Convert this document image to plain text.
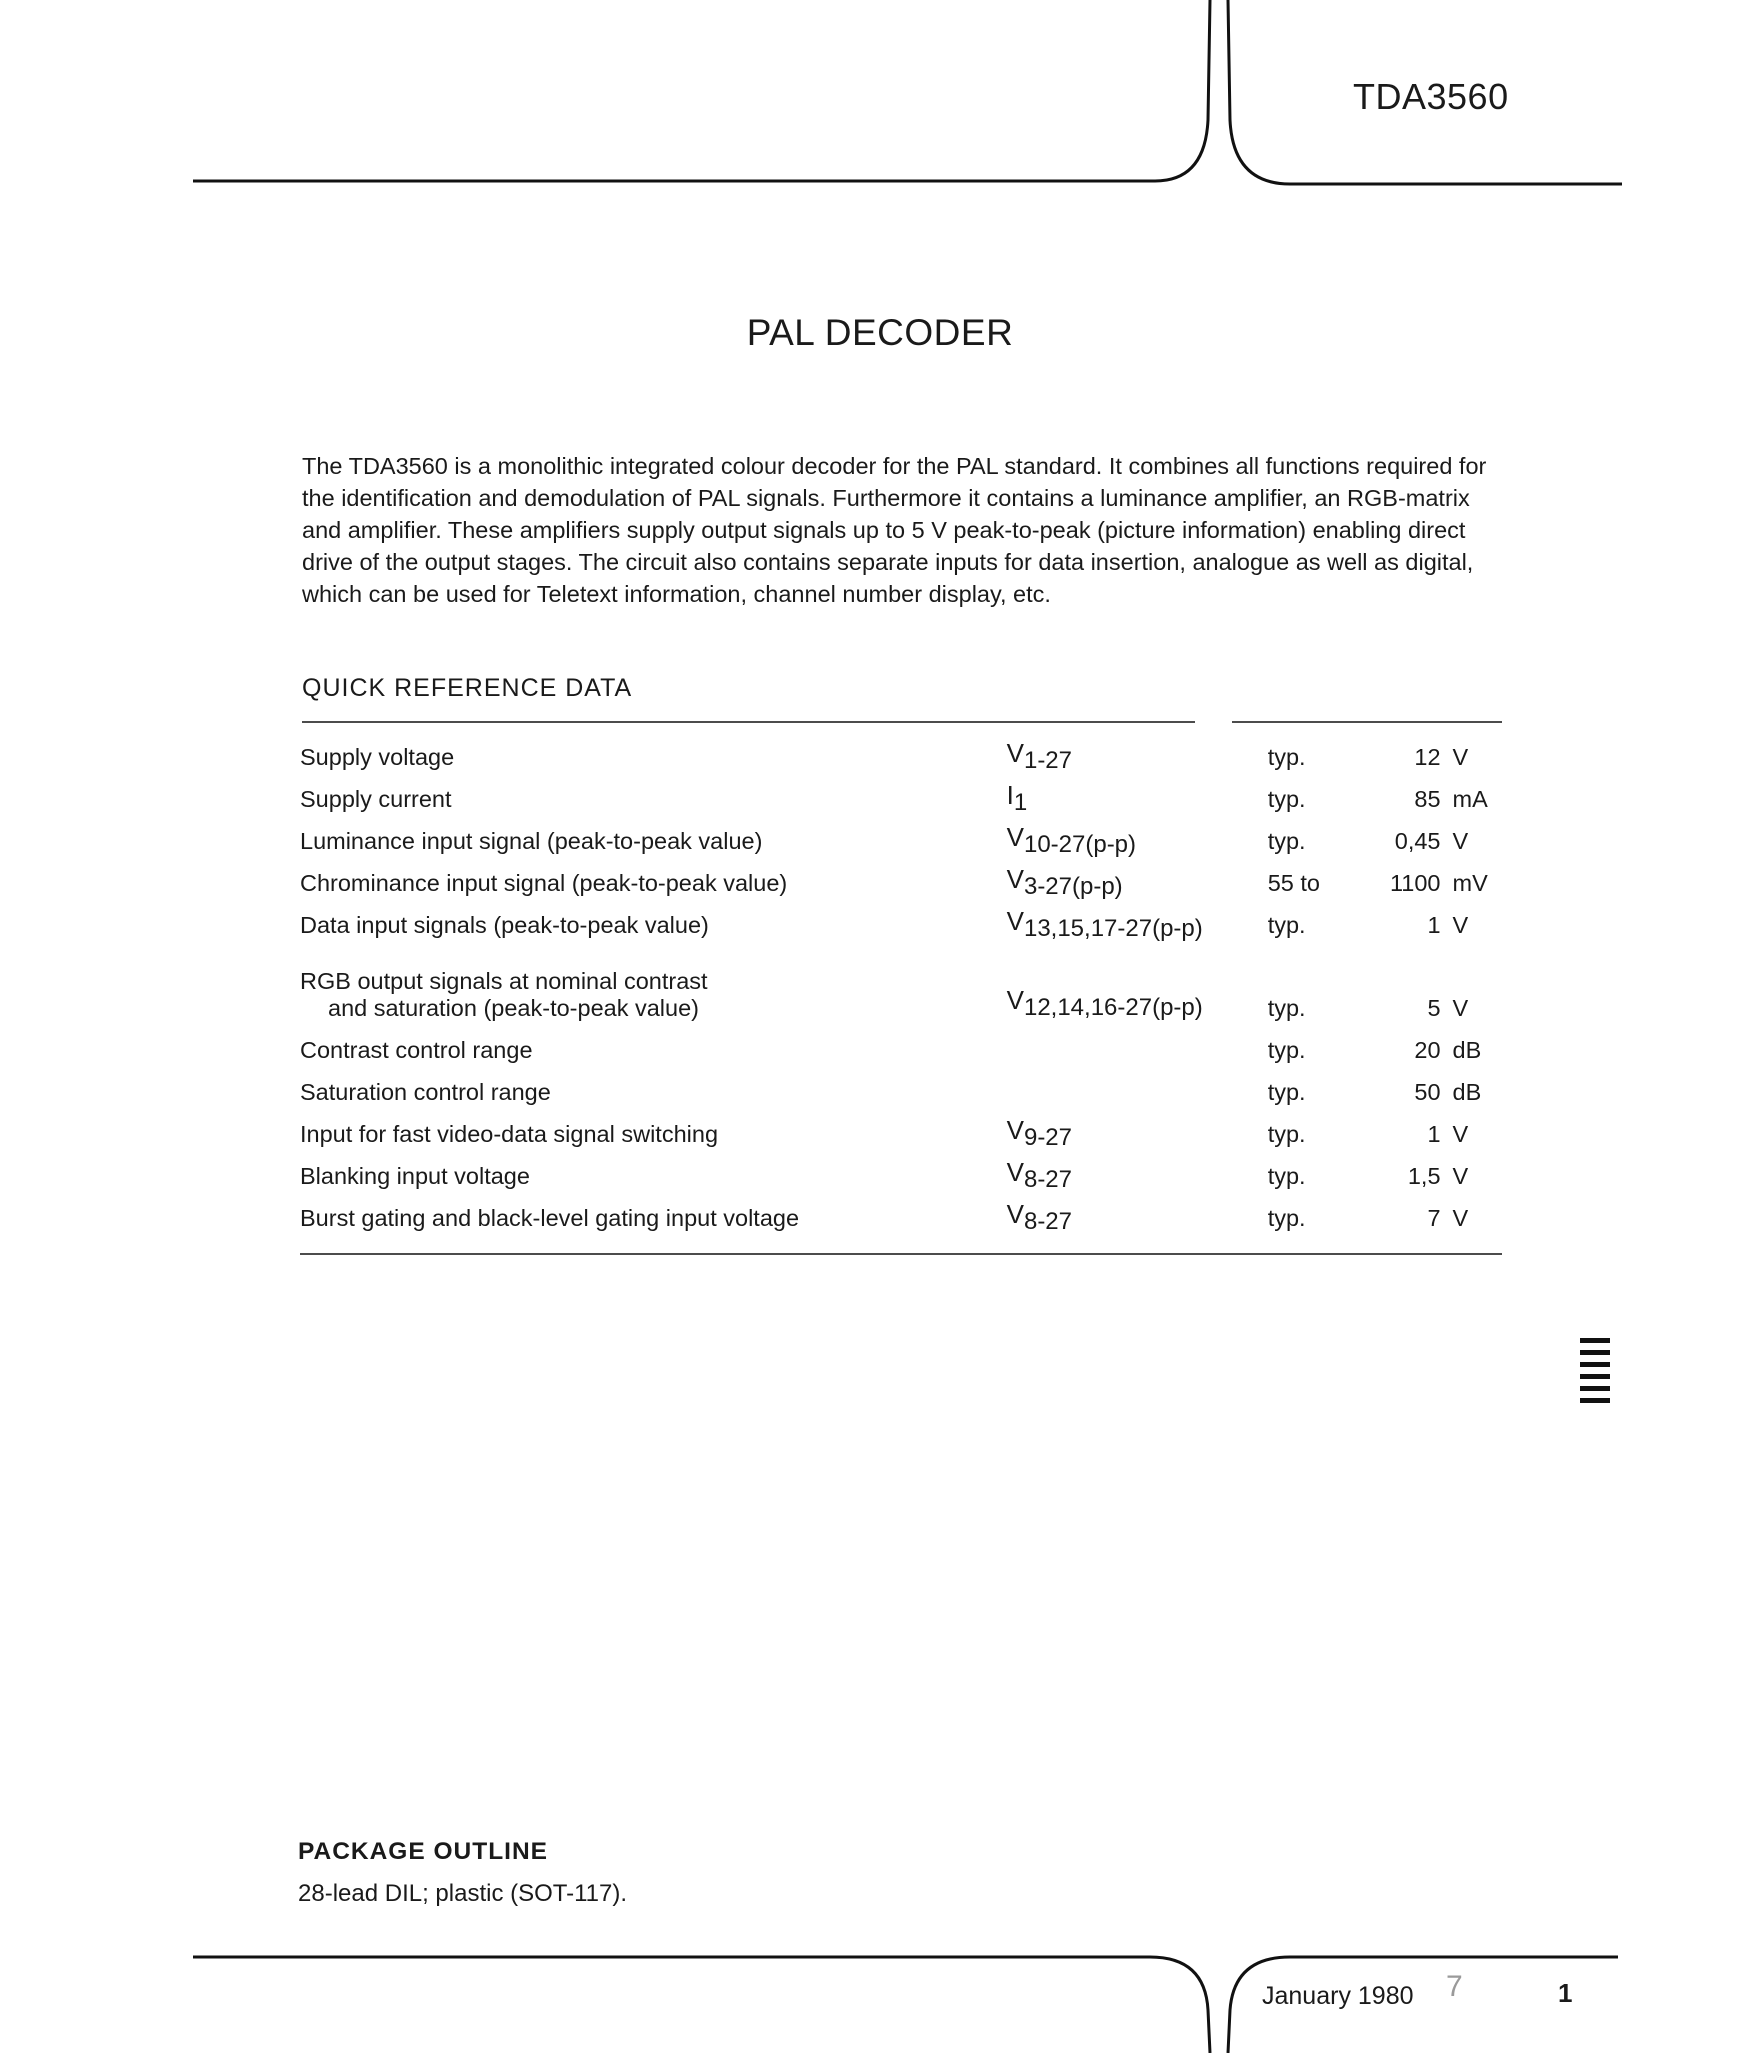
TDA3560
PAL DECODER

The TDA3560 is a monolithic integrated colour decoder for the PAL standard. It combines all functions required for the identification and demodulation of PAL signals. Furthermore it contains a luminance amplifier, an RGB-matrix and amplifier. These amplifiers supply output signals up to 5 V peak-to-peak (picture information) enabling direct drive of the output stages. The circuit also contains separate inputs for data insertion, analogue as well as digital, which can be used for Teletext information, channel number display, etc.

QUICK REFERENCE DATA
Supply voltage	$V_{1-27}$	typ.	12	V
Supply current	$I_1$	typ.	85	mA
Luminance input signal (peak-to-peak value)	$V_{10-27(p-p)}$	typ.	0,45	V
Chrominance input signal (peak-to-peak value)	$V_{3-27(p-p)}$	55 to	1100	mV
Data input signals (peak-to-peak value)	$V_{13,15,17-27(p-p)}$	typ.	1	V
RGB output signals at nominal contrast
and saturation (peak-to-peak value)	$V_{12,14,16-27(p-p)}$	typ.	5	V
Contrast control range		typ.	20	dB
Saturation control range		typ.	50	dB
Input for fast video-data signal switching	$V_{9-27}$	typ.	1	V
Blanking input voltage	$V_{8-27}$	typ.	1,5	V
Burst gating and black-level gating input voltage	$V_{8-27}$	typ.	7	V
PACKAGE OUTLINE

28-lead DIL; plastic (SOT-117).

January 1980 7	1
